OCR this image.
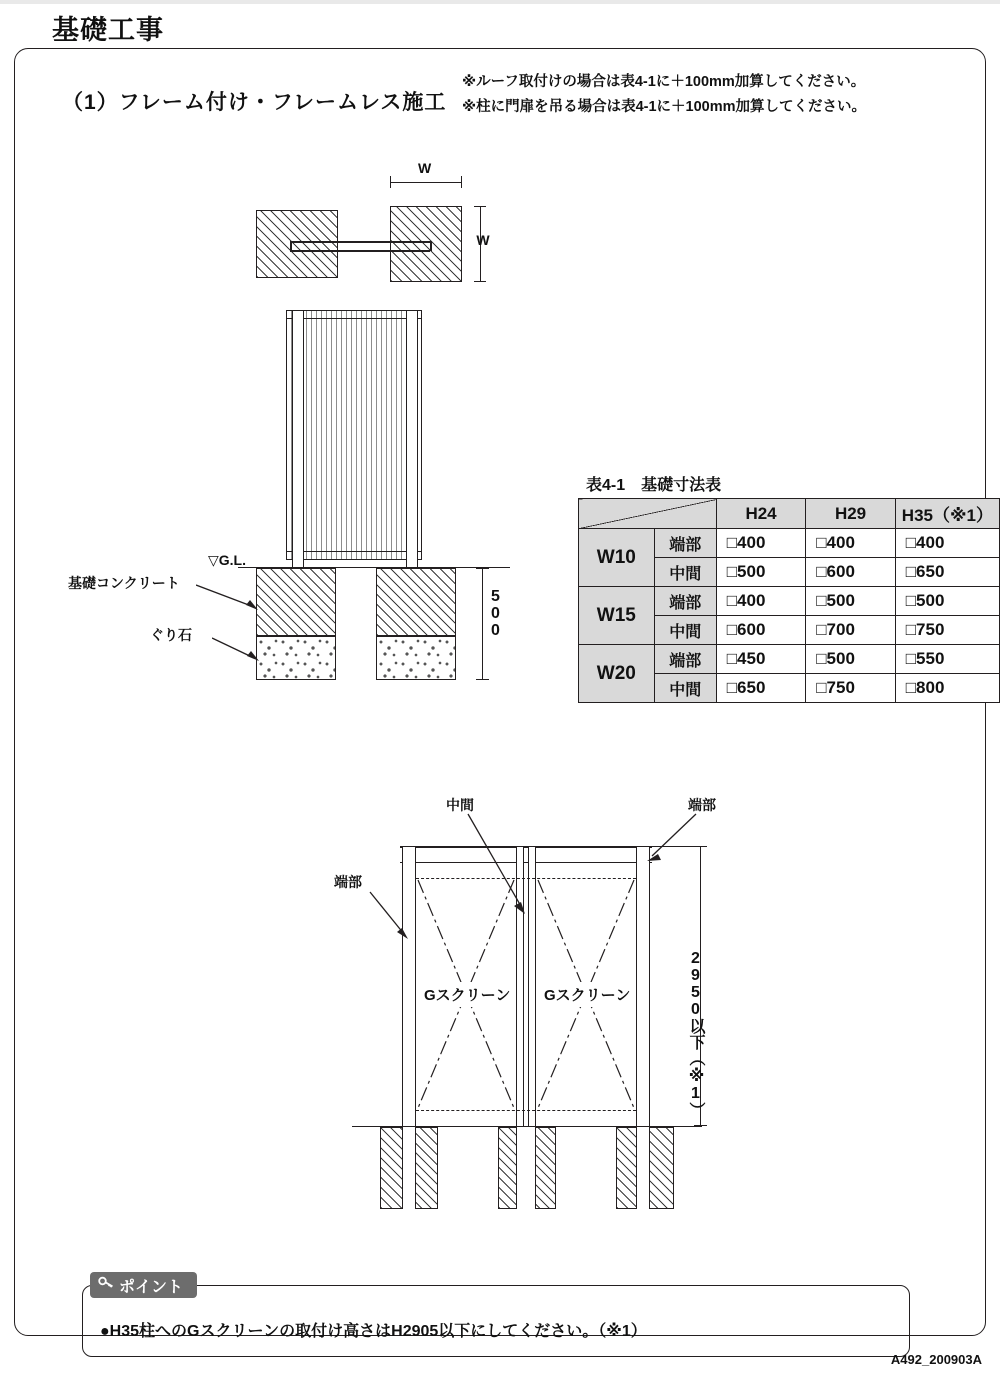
基礎工事
（1）フレーム付け・フレームレス施工
※ルーフ取付けの場合は表4-1に＋100mm加算してください。
※柱に門扉を吊る場合は表4-1に＋100mm加算してください。
W
W
▽G.L.
基礎コンクリート
ぐり石	500
表4-1　基礎寸法表
		H24	H29	H35（※1）
W10	端部	□400	□400	□400
	中間	□500	□600	□650
W15	端部	□400	□500	□500
	中間	□600	□700	□750
W20	端部	□450	□500	□550
	中間	□650	□750	□800
Gスクリーン Gスクリーン
中間	端部
端部
2950以下（※1）
ポイント
●H35柱へのGスクリーンの取付け高さはH2905以下にしてください。（※1）
A492_200903A
